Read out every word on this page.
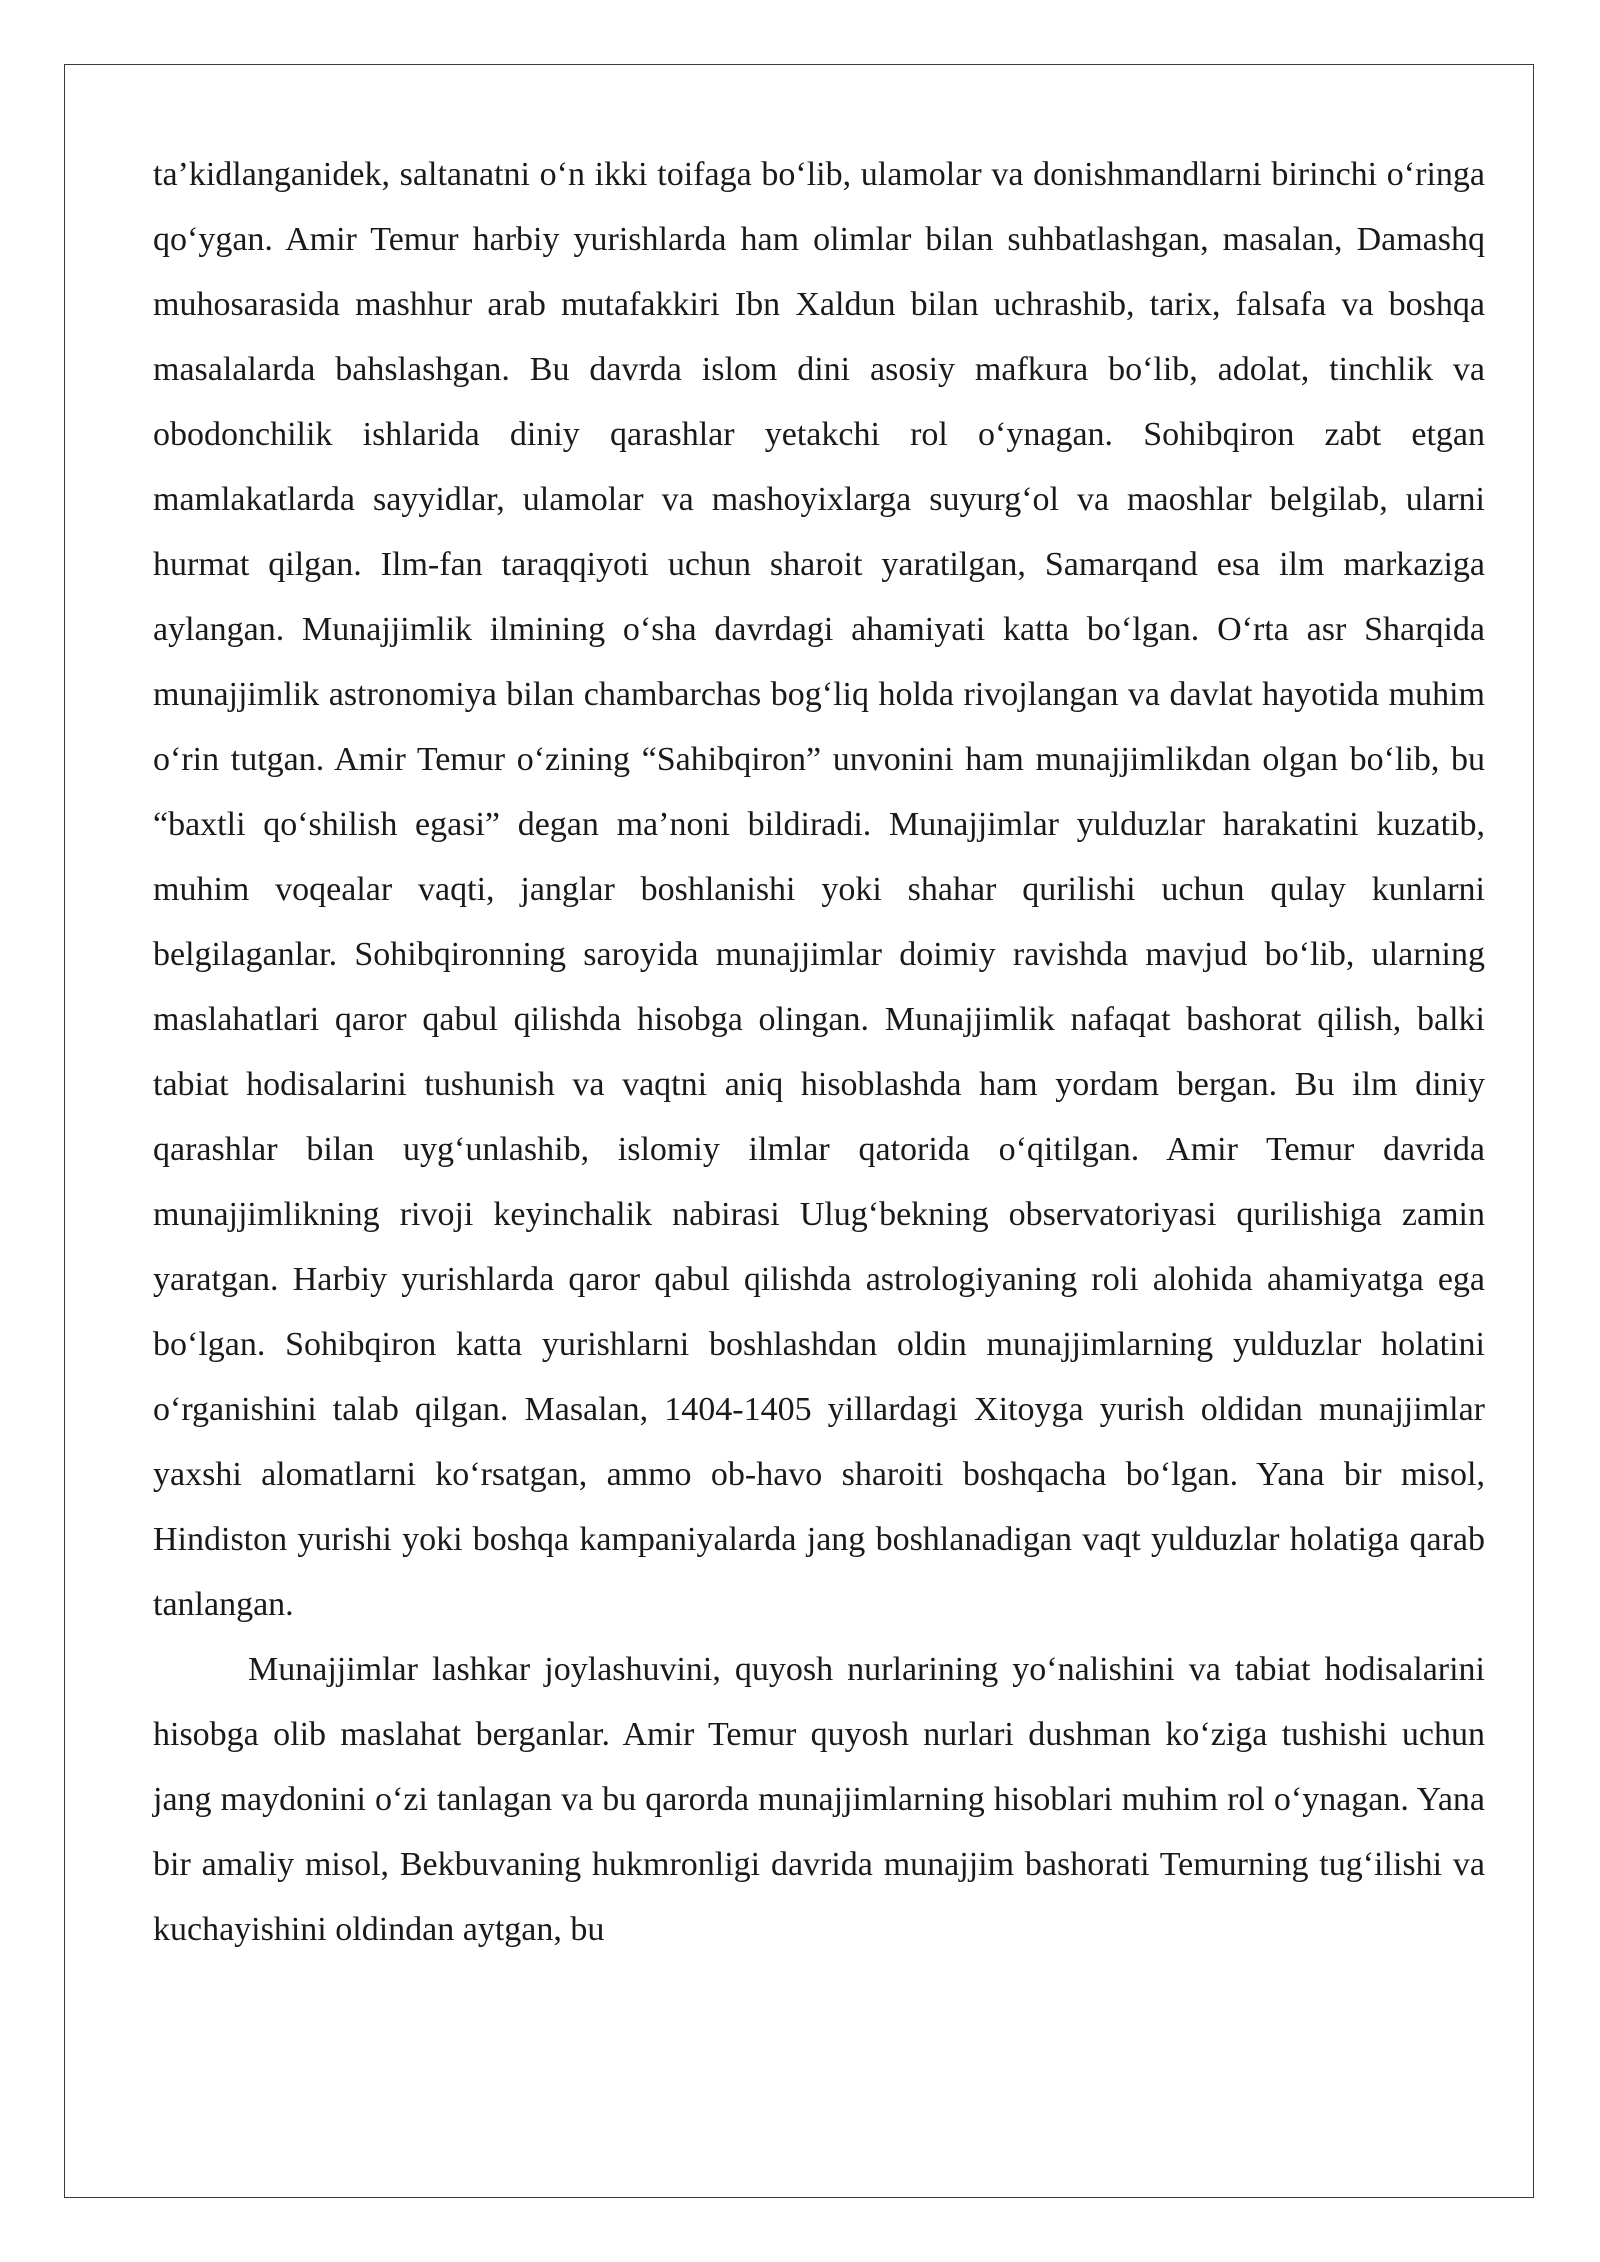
ta’kidlanganidek, saltanatni o‘n ikki toifaga bo‘lib, ulamolar va donishmandlarni birinchi o‘ringa qo‘ygan. Amir Temur harbiy yurishlarda ham olimlar bilan suhbatlashgan, masalan, Damashq muhosarasida mashhur arab mutafakkiri Ibn Xaldun bilan uchrashib, tarix, falsafa va boshqa masalalarda bahslashgan. Bu davrda islom dini asosiy mafkura bo‘lib, adolat, tinchlik va obodonchilik ishlarida diniy qarashlar yetakchi rol o‘ynagan. Sohibqiron zabt etgan mamlakatlarda sayyidlar, ulamolar va mashoyixlarga suyurg‘ol va maoshlar belgilab, ularni hurmat qilgan. Ilm-fan taraqqiyoti uchun sharoit yaratilgan, Samarqand esa ilm markaziga aylangan. Munajjimlik ilmining o‘sha davrdagi ahamiyati katta bo‘lgan. O‘rta asr Sharqida munajjimlik astronomiya bilan chambarchas bog‘liq holda rivojlangan va davlat hayotida muhim o‘rin tutgan. Amir Temur o‘zining “Sahibqiron” unvonini ham munajjimlikdan olgan bo‘lib, bu “baxtli qo‘shilish egasi” degan ma’noni bildiradi. Munajjimlar yulduzlar harakatini kuzatib, muhim voqealar vaqti, janglar boshlanishi yoki shahar qurilishi uchun qulay kunlarni belgilaganlar. Sohibqironning saroyida munajjimlar doimiy ravishda mavjud bo‘lib, ularning maslahatlari qaror qabul qilishda hisobga olingan. Munajjimlik nafaqat bashorat qilish, balki tabiat hodisalarini tushunish va vaqtni aniq hisoblashda ham yordam bergan. Bu ilm diniy qarashlar bilan uyg‘unlashib, islomiy ilmlar qatorida o‘qitilgan. Amir Temur davrida munajjimlikning rivoji keyinchalik nabirasi Ulug‘bekning observatoriyasi qurilishiga zamin yaratgan. Harbiy yurishlarda qaror qabul qilishda astrologiyaning roli alohida ahamiyatga ega bo‘lgan. Sohibqiron katta yurishlarni boshlashdan oldin munajjimlarning yulduzlar holatini o‘rganishini talab qilgan. Masalan, 1404-1405 yillardagi Xitoyga yurish oldidan munajjimlar yaxshi alomatlarni ko‘rsatgan, ammo ob-havo sharoiti boshqacha bo‘lgan. Yana bir misol, Hindiston yurishi yoki boshqa kampaniyalarda jang boshlanadigan vaqt yulduzlar holatiga qarab tanlangan.

Munajjimlar lashkar joylashuvini, quyosh nurlarining yo‘nalishini va tabiat hodisalarini hisobga olib maslahat berganlar. Amir Temur quyosh nurlari dushman ko‘ziga tushishi uchun jang maydonini o‘zi tanlagan va bu qarorda munajjimlarning hisoblari muhim rol o‘ynagan. Yana bir amaliy misol, Bekbuvaning hukmronligi davrida munajjim bashorati Temurning tug‘ilishi va kuchayishini oldindan aytgan, bu
